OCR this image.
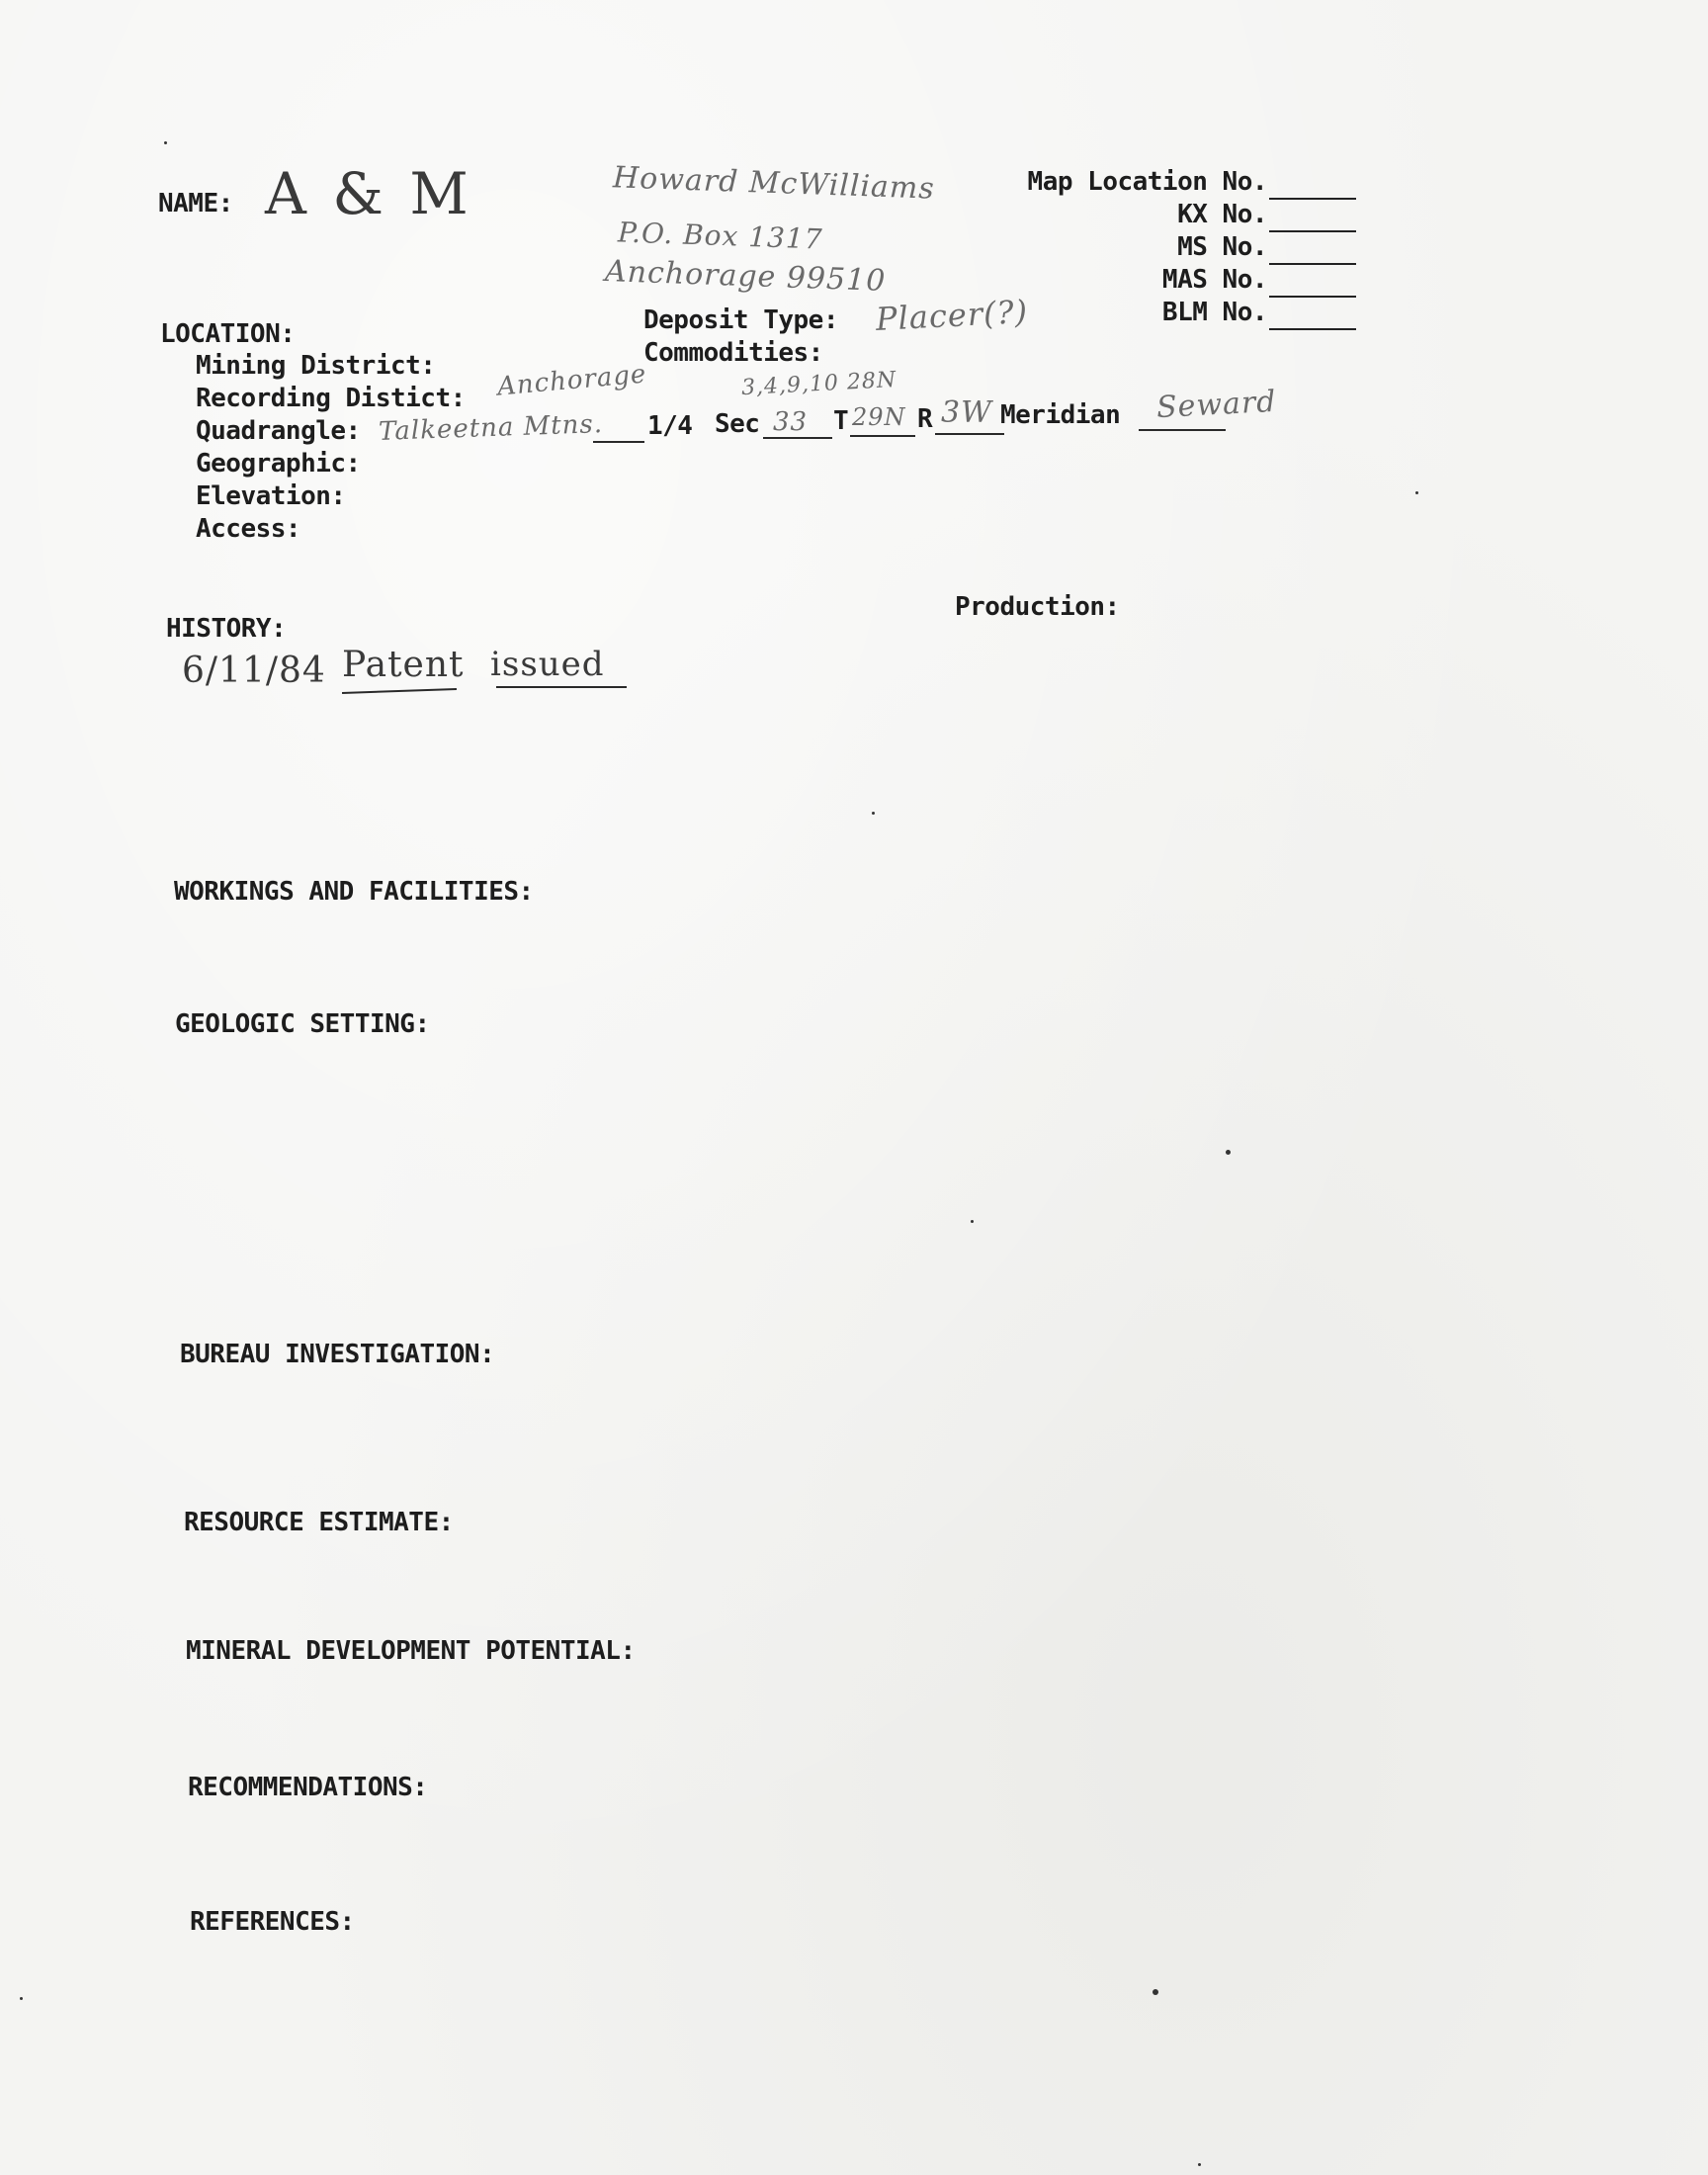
NAME: A & M	Howard McWilliams
P.O. Box 1317
Anchorage 99510
Map Location No.
KX No.
MS No.
MAS No.
BLM No.
LOCATION:
Mining District:
Recording Distict: Anchorage
Quadrangle: Talkeetna Mtns. 1/4 Sec 33
3,4,9,10 28N
T 29N R 3W Meridian Seward
Geographic:
Elevation:
Access:
Deposit Type: Placer(?)
Commodities:
HISTORY:
6/11/84 Patent issued
Production:
WORKINGS AND FACILITIES:
GEOLOGIC SETTING:
BUREAU INVESTIGATION:
RESOURCE ESTIMATE:
MINERAL DEVELOPMENT POTENTIAL:
RECOMMENDATIONS:
REFERENCES:
